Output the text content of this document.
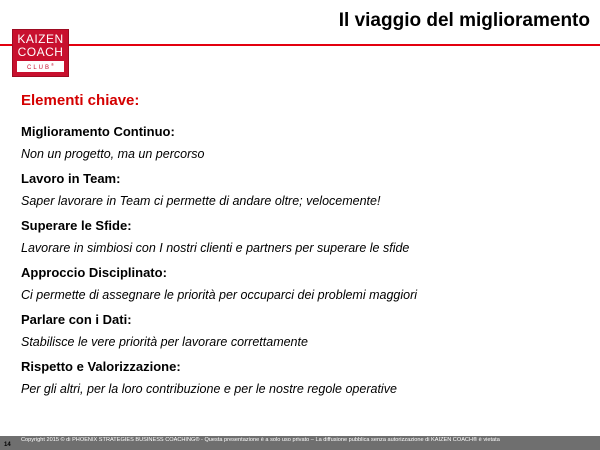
Il viaggio del miglioramento
KAIZEN
COACH
CLUB®
Elementi chiave:
Miglioramento Continuo:
Non un progetto, ma un percorso
Lavoro in Team:
Saper lavorare in Team ci permette di andare oltre; velocemente!
Superare le Sfide:
Lavorare in simbiosi con I nostri clienti e partners per superare le sfide
Approccio Disciplinato:
Ci permette di assegnare le priorità per occuparci dei problemi maggiori
Parlare con i Dati:
Stabilisce le vere priorità per lavorare correttamente
Rispetto e Valorizzazione:
Per gli altri, per la loro contribuzione e per le nostre regole operative
Copyright 2015 © di PHOENIX STRATEGIES BUSINESS COACHING® - Questa presentazione è a solo uso privato – La diffusione pubblica senza autorizzazione di KAIZEN COACH® è vietata
14
